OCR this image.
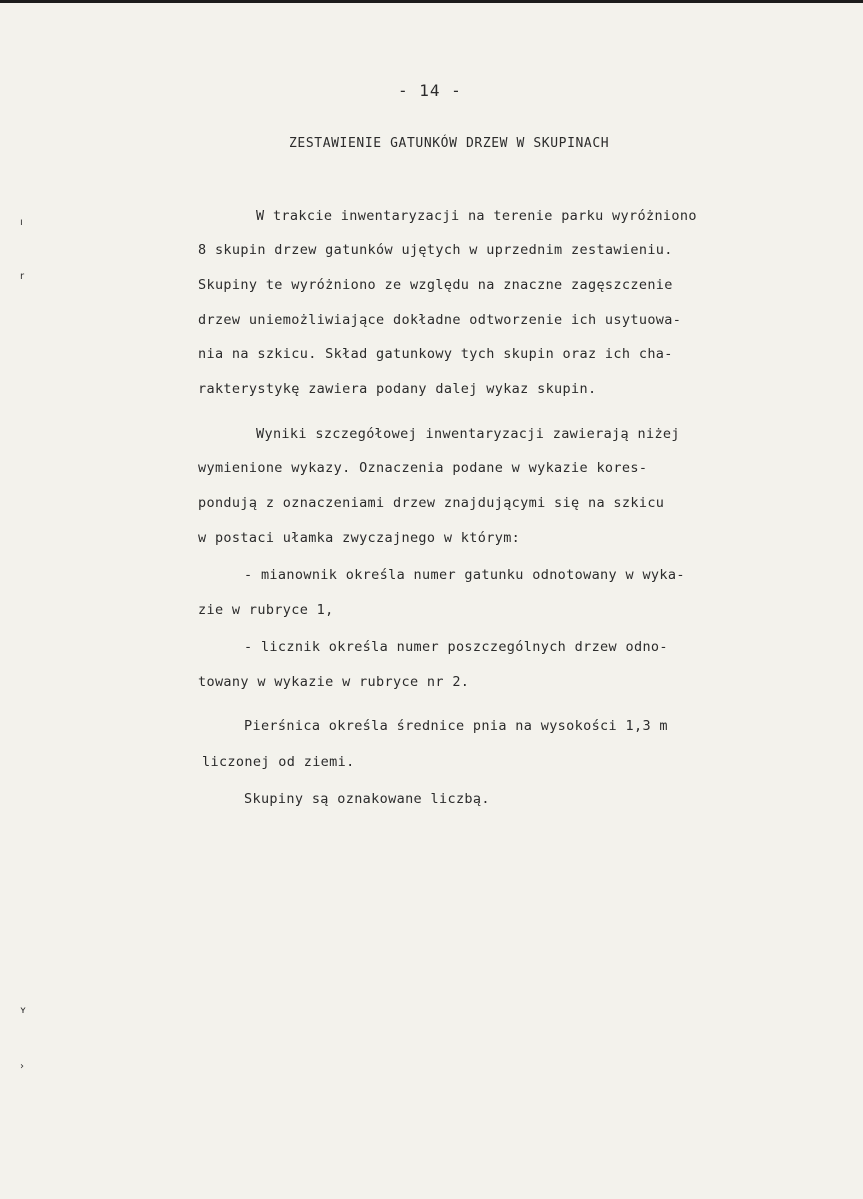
ı
r
ʏ
›
- 14 -
ZESTAWIENIE GATUNKÓW DRZEW W SKUPINACH
W trakcie inwentaryzacji na terenie parku wyróżniono
8 skupin drzew gatunków ujętych w uprzednim zestawieniu.
Skupiny te wyróżniono ze względu na znaczne zagęszczenie
drzew uniemożliwiające dokładne odtworzenie ich usytuowa-
nia na szkicu. Skład gatunkowy tych skupin oraz ich cha-
rakterystykę zawiera podany dalej wykaz skupin.
Wyniki szczegółowej inwentaryzacji zawierają niżej
wymienione wykazy. Oznaczenia podane w wykazie kores-
pondują z oznaczeniami drzew znajdującymi się na szkicu
w postaci ułamka zwyczajnego w którym:
- mianownik określa numer gatunku odnotowany w wyka-
zie w rubryce 1,
- licznik określa numer poszczególnych drzew odno-
towany w wykazie w rubryce nr 2.
Pierśnica określa średnice pnia na wysokości 1,3 m
liczonej od ziemi.
Skupiny są oznakowane liczbą.
